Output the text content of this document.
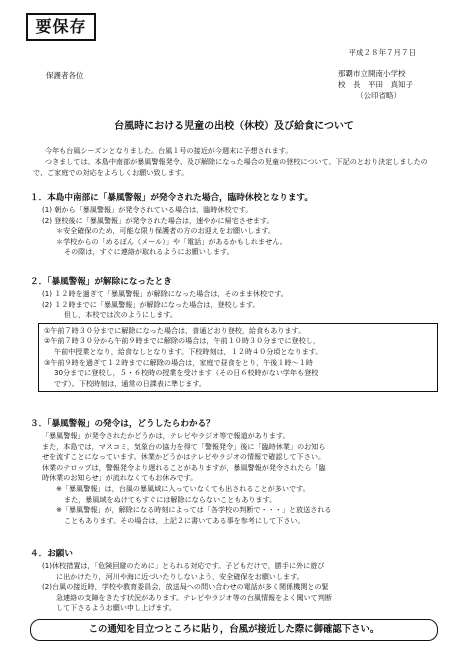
要保存
平成２８年７月７日
保護者各位	那覇市立開南小学校
校　長　平田　真知子
（公印省略）
台風時における児童の出校（休校）及び給食について

今年も台風シーズンとなりました。台風１号の接近が今週末に予想されます。

つきましては、本島中南部が暴風警報発令、及び解除になった場合の児童の登校について、下記のとおり決定しましたので、ご家庭での対応をよろしくお願い致します。

１．本島中南部に「暴風警報」が発令された場合，臨時休校となります。

(1) 朝から「暴風警報」が発令されている場合は，臨時休校です。

(2) 登校後に「暴風警報」が発令された場合は，速やかに帰宅させます。

＊安全確保のため，可能な限り保護者の方のお迎えをお願いします。

＊学校からの「めるぽん（メール）」や「電話」があるかもしれません。

その際は，すぐに連絡が取れるようにお願いします。

２．「暴風警報」が解除になったとき

(1) １２時を過ぎて「暴風警報」が解除になった場合は，そのまま休校です。

(2) １２時までに「暴風警報」が解除になった場合は，登校します。

但し，本校では次のようにします。

①午前７時３０分までに解除になった場合は，普通どおり登校，給食もあります。

②午前７時３０分から午前９時までに解除の場合は，午前１０時３０分までに登校し，

午前中授業となり，給食なしとなります。下校時刻は，１２時４０分頃となります。

③午前９時を過ぎて１２時までに解除の場合は，家庭で昼食をとり，午後１時～１時

30分までに登校し，５・６校時の授業を受けます（その日６校時がない学年も登校

です）。下校時刻は，通常の日課表に準じます。

３．「暴風警報」の発令は，どうしたらわかる？

「暴風警報」が発令されたかどうかは，テレビやラジオ等で報道があります。

また，本島では，マスコミ，気象台の協力を得て「警報発令」後に「臨時休業」のお知ら

せを流すことになっています。休業かどうかはテレビやラジオの情報で確認して下さい。

休業のテロップは，警報発令より遅れることがありますが，暴風警報が発令されたら「臨

時休業のお知らせ」が流れなくてもお休みです。

※「暴風警報」は，台風の暴風域に入っていなくても出されることが多いです。

また，暴風域をぬけてもすぐには解除にならないこともあります。

※「暴風警報」が，解除になる時刻によっては「各学校の判断で・・・」と放送される

こともあります。その場合は，上記２に書いてある事を参考にして下さい。

４．お願い

(1)休校措置は，「危険回避のために」とられる対応です。子どもだけで，勝手に外に遊び

に出かけたり，河川や海に近づいたりしないよう，安全確保をお願いします。

(2)台風の接近時，学校や教育委員会，放送局への問い合わせの電話が多く関係機関との緊

急連絡の支障をきたす状況があります。テレビやラジオ等の台風情報をよく聞いて判断

して下さるようお願い申し上げます。

この通知を目立つところに貼り，台風が接近した際に御確認下さい。
